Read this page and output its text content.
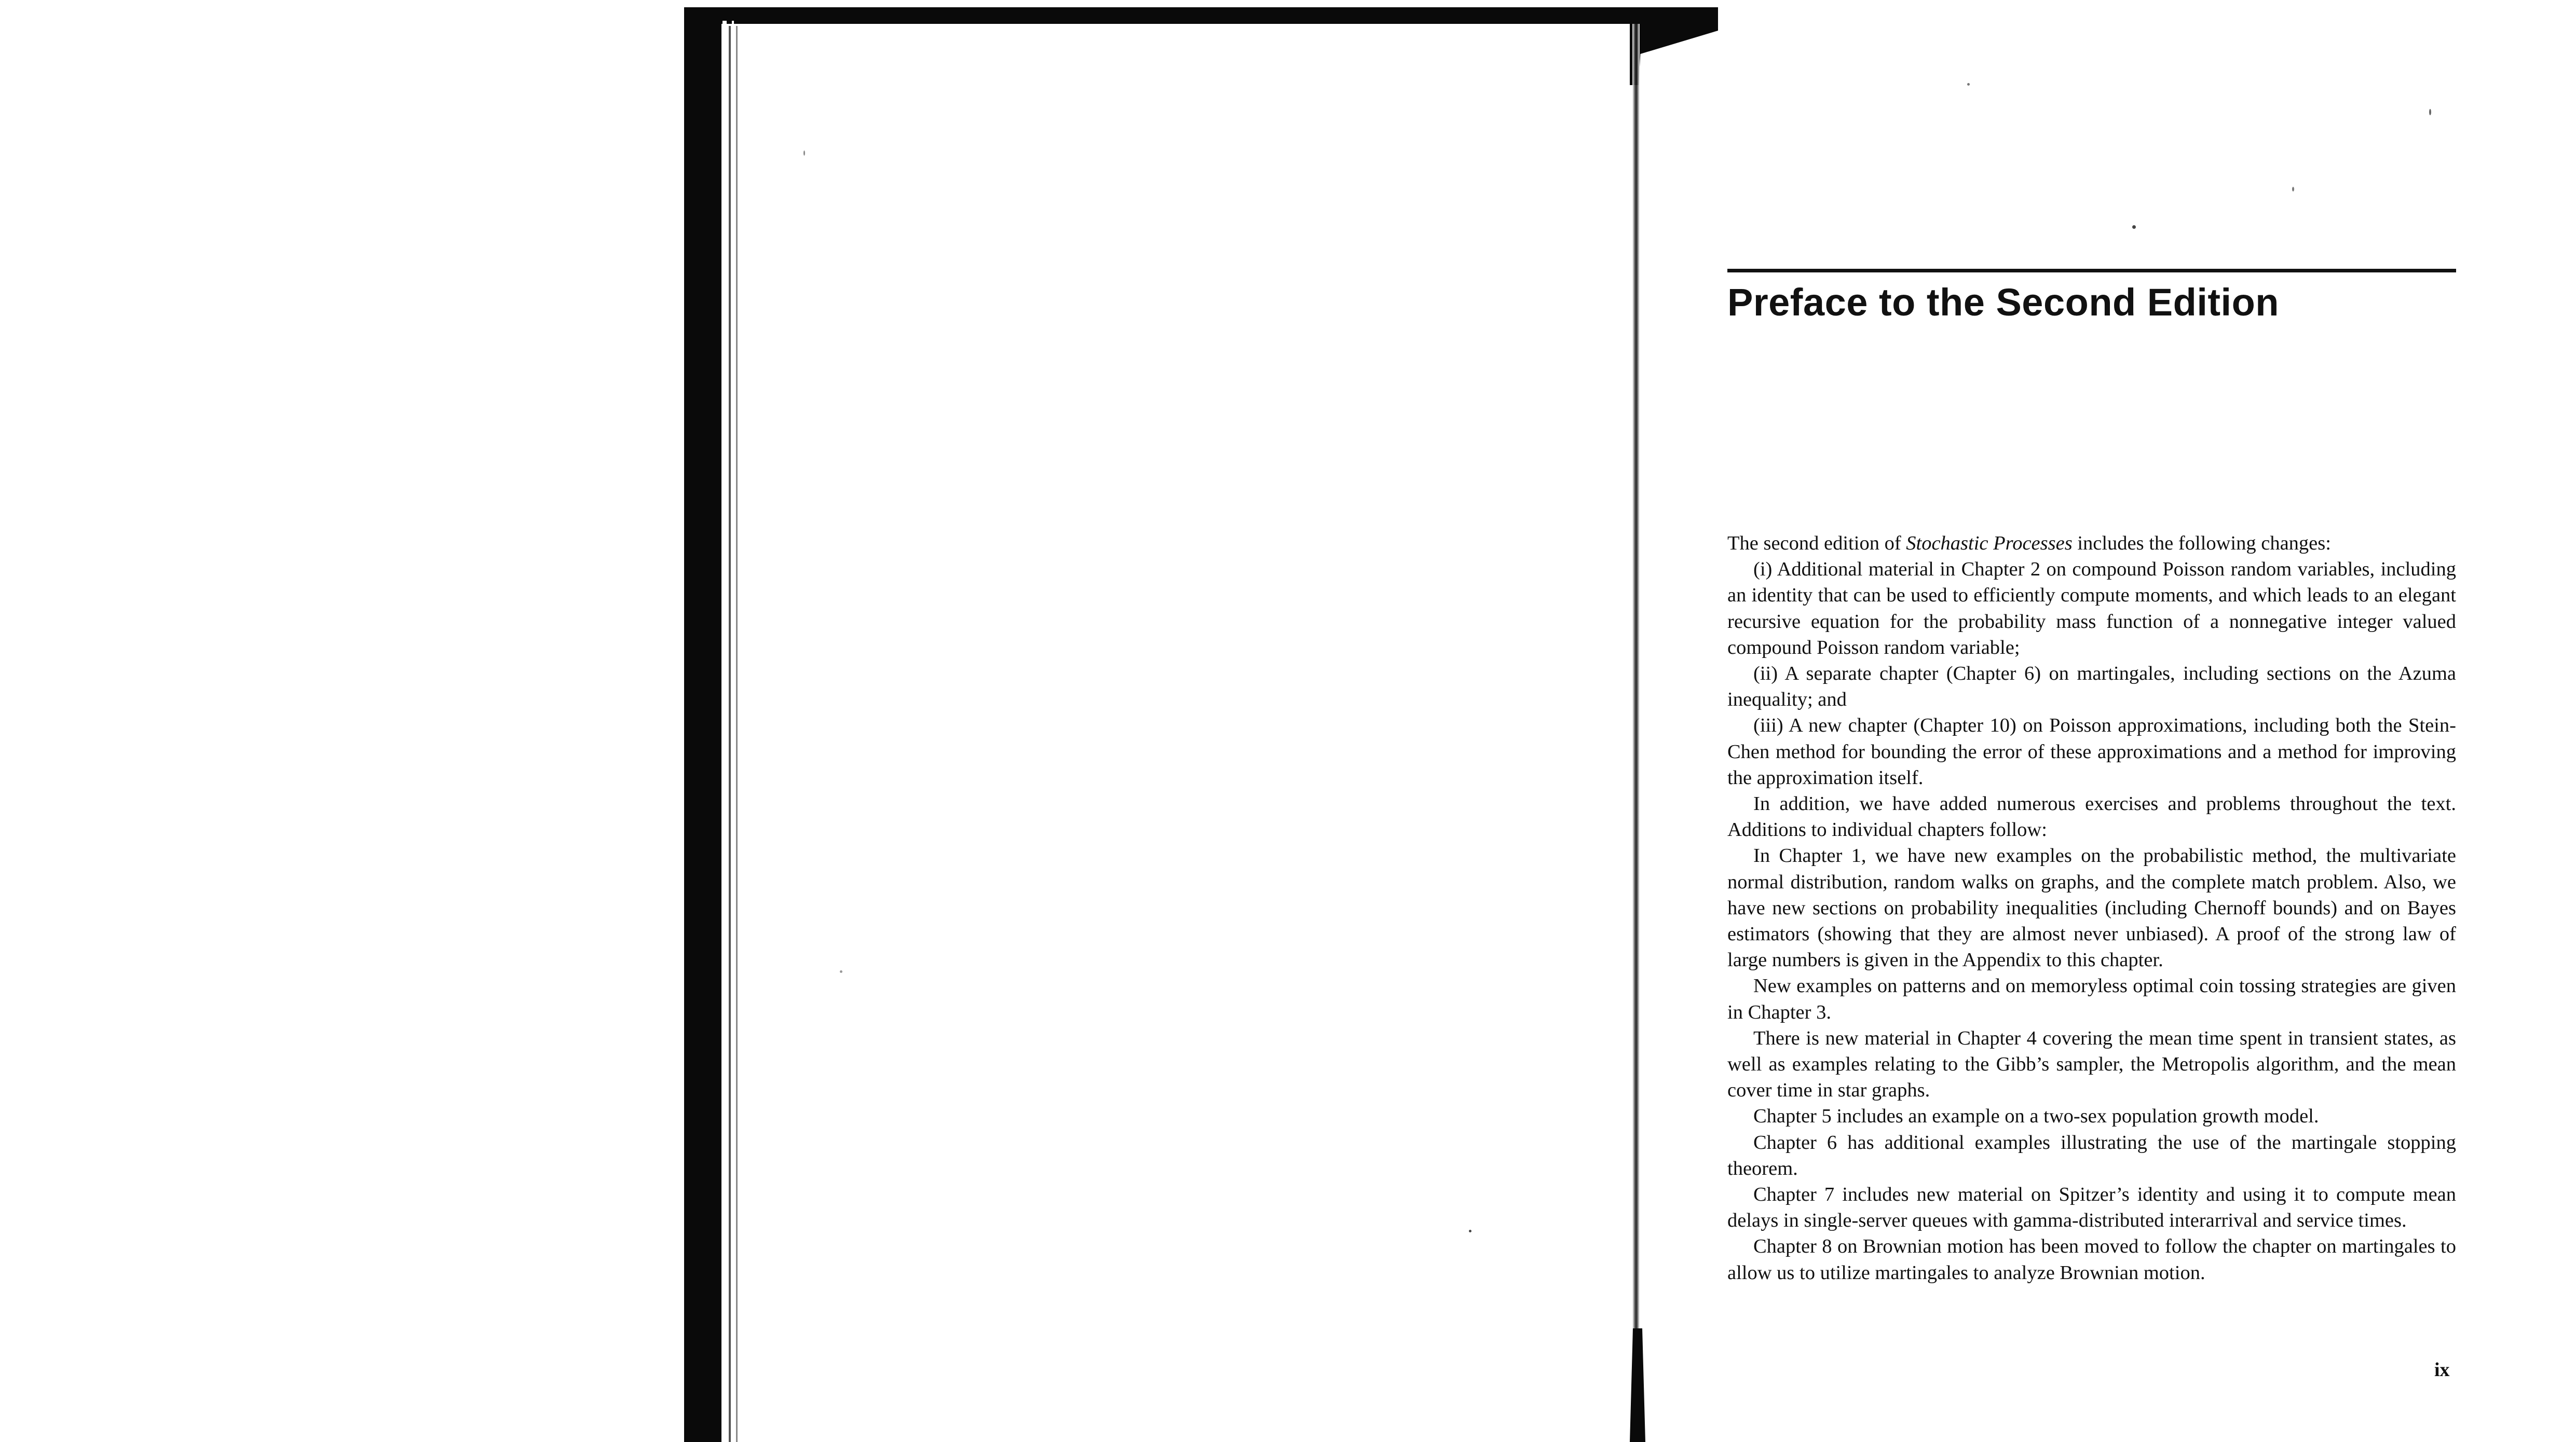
Preface to the Second Edition

The second edition of Stochastic Processes includes the following changes:

(i) Additional material in Chapter 2 on compound Poisson random variables, including an identity that can be used to efficiently compute moments, and which leads to an elegant recursive equation for the probability mass function of a nonnegative integer valued compound Poisson random variable;

(ii) A separate chapter (Chapter 6) on martingales, including sections on the Azuma inequality; and

(iii) A new chapter (Chapter 10) on Poisson approximations, including both the Stein-Chen method for bounding the error of these approximations and a method for improving the approximation itself.

In addition, we have added numerous exercises and problems throughout the text. Additions to individual chapters follow:

In Chapter 1, we have new examples on the probabilistic method, the multivariate normal distribution, random walks on graphs, and the complete match problem. Also, we have new sections on probability inequalities (including Chernoff bounds) and on Bayes estimators (showing that they are almost never unbiased). A proof of the strong law of large numbers is given in the Appendix to this chapter.

New examples on patterns and on memoryless optimal coin tossing strategies are given in Chapter 3.

There is new material in Chapter 4 covering the mean time spent in transient states, as well as examples relating to the Gibb’s sampler, the Metropolis algorithm, and the mean cover time in star graphs.

Chapter 5 includes an example on a two-sex population growth model.

Chapter 6 has additional examples illustrating the use of the martingale stopping theorem.

Chapter 7 includes new material on Spitzer’s identity and using it to compute mean delays in single-server queues with gamma-distributed interarrival and service times.

Chapter 8 on Brownian motion has been moved to follow the chapter on martingales to allow us to utilize martingales to analyze Brownian motion.

ix
